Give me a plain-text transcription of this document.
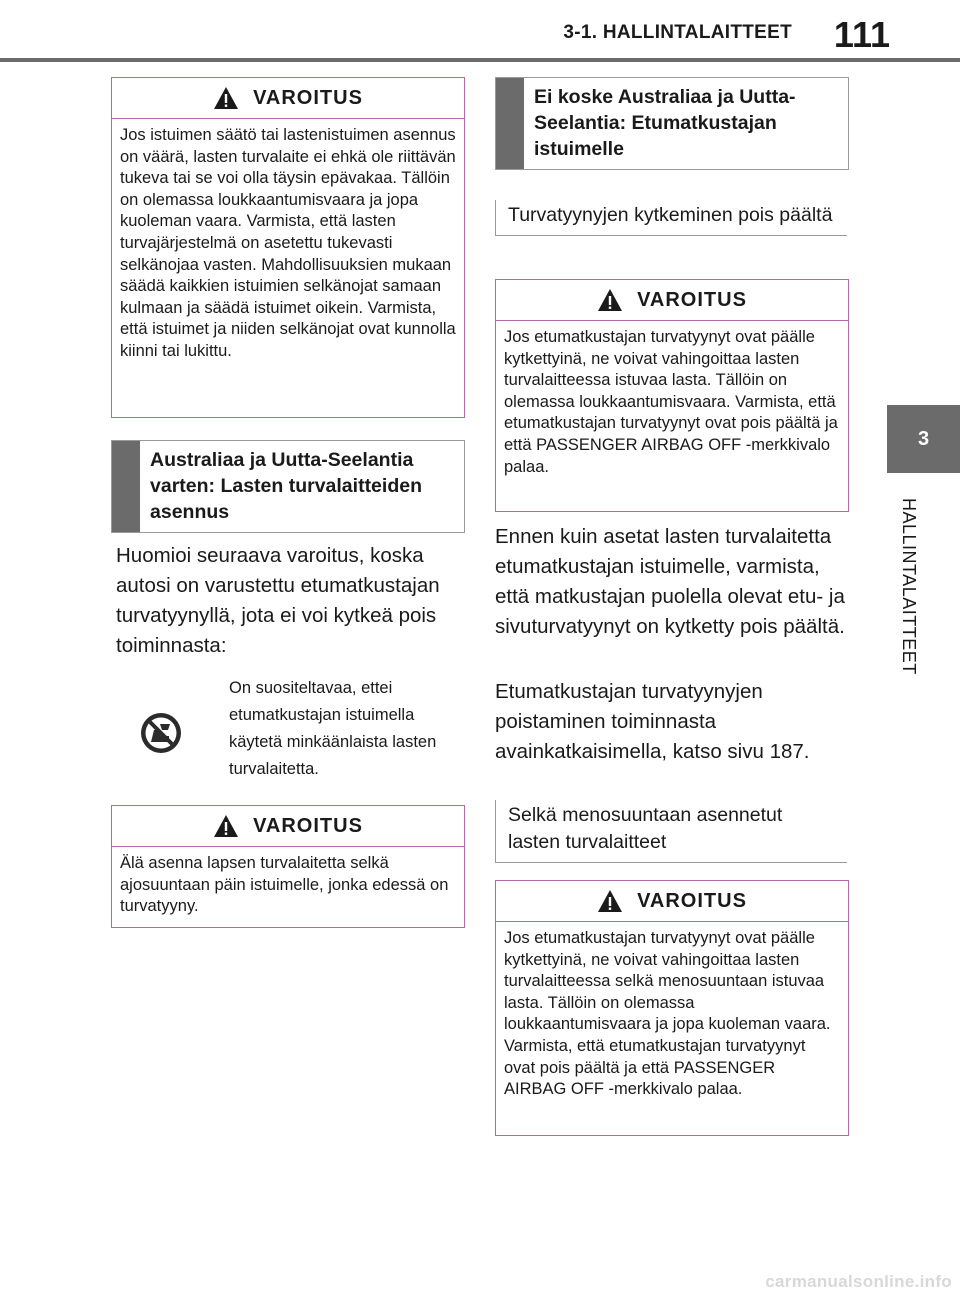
3-1. HALLINTALAITTEET	111
3
HALLINTALAITTEET
VAROITUS
Jos istuimen säätö tai lastenistuimen asennus on väärä, lasten turvalaite ei ehkä ole riittävän tukeva tai se voi olla täysin epävakaa. Tällöin on olemassa loukkaantumisvaara ja jopa kuoleman vaara. Varmista, että lasten turvajärjestelmä on asetettu tukevasti selkänojaa vasten. Mahdollisuuksien mukaan säädä kaikkien istuimien selkänojat samaan kulmaan ja säädä istuimet oikein. Varmista, että istuimet ja niiden selkänojat ovat kunnolla kiinni tai lukittu.
Australiaa ja Uutta-Seelantia varten: Lasten turvalaitteiden asennus
Huomioi seuraava varoitus, koska autosi on varustettu etumatkustajan turvatyynyllä, jota ei voi kytkeä pois toiminnasta:
On suositeltavaa, ettei etumatkustajan istuimella käytetä minkäänlaista lasten turvalaitetta.
VAROITUS
Älä asenna lapsen turvalaitetta selkä ajosuuntaan päin istuimelle, jonka edessä on turvatyyny.
Ei koske Australiaa ja Uutta-Seelantia: Etumatkustajan istuimelle
Turvatyynyjen kytkeminen pois päältä
VAROITUS
Jos etumatkustajan turvatyynyt ovat päälle kytkettyinä, ne voivat vahingoittaa lasten turvalaitteessa istuvaa lasta. Tällöin on olemassa loukkaantumisvaara. Varmista, että etumatkustajan turvatyynyt ovat pois päältä ja että PASSENGER AIRBAG OFF -merkkivalo palaa.
Ennen kuin asetat lasten turvalaitetta etumatkustajan istuimelle, varmista, että matkustajan puolella olevat etu- ja sivuturvatyynyt on kytketty pois päältä.
Etumatkustajan turvatyynyjen poistaminen toiminnasta avainkatkaisimella, katso sivu 187.
Selkä menosuuntaan asennetut lasten turvalaitteet
VAROITUS
Jos etumatkustajan turvatyynyt ovat päälle kytkettyinä, ne voivat vahingoittaa lasten turvalaitteessa selkä menosuuntaan istuvaa lasta. Tällöin on olemassa loukkaantumisvaara ja jopa kuoleman vaara. Varmista, että etumatkustajan turvatyynyt ovat pois päältä ja että PASSENGER AIRBAG OFF -merkkivalo palaa.
carmanualsonline.info
